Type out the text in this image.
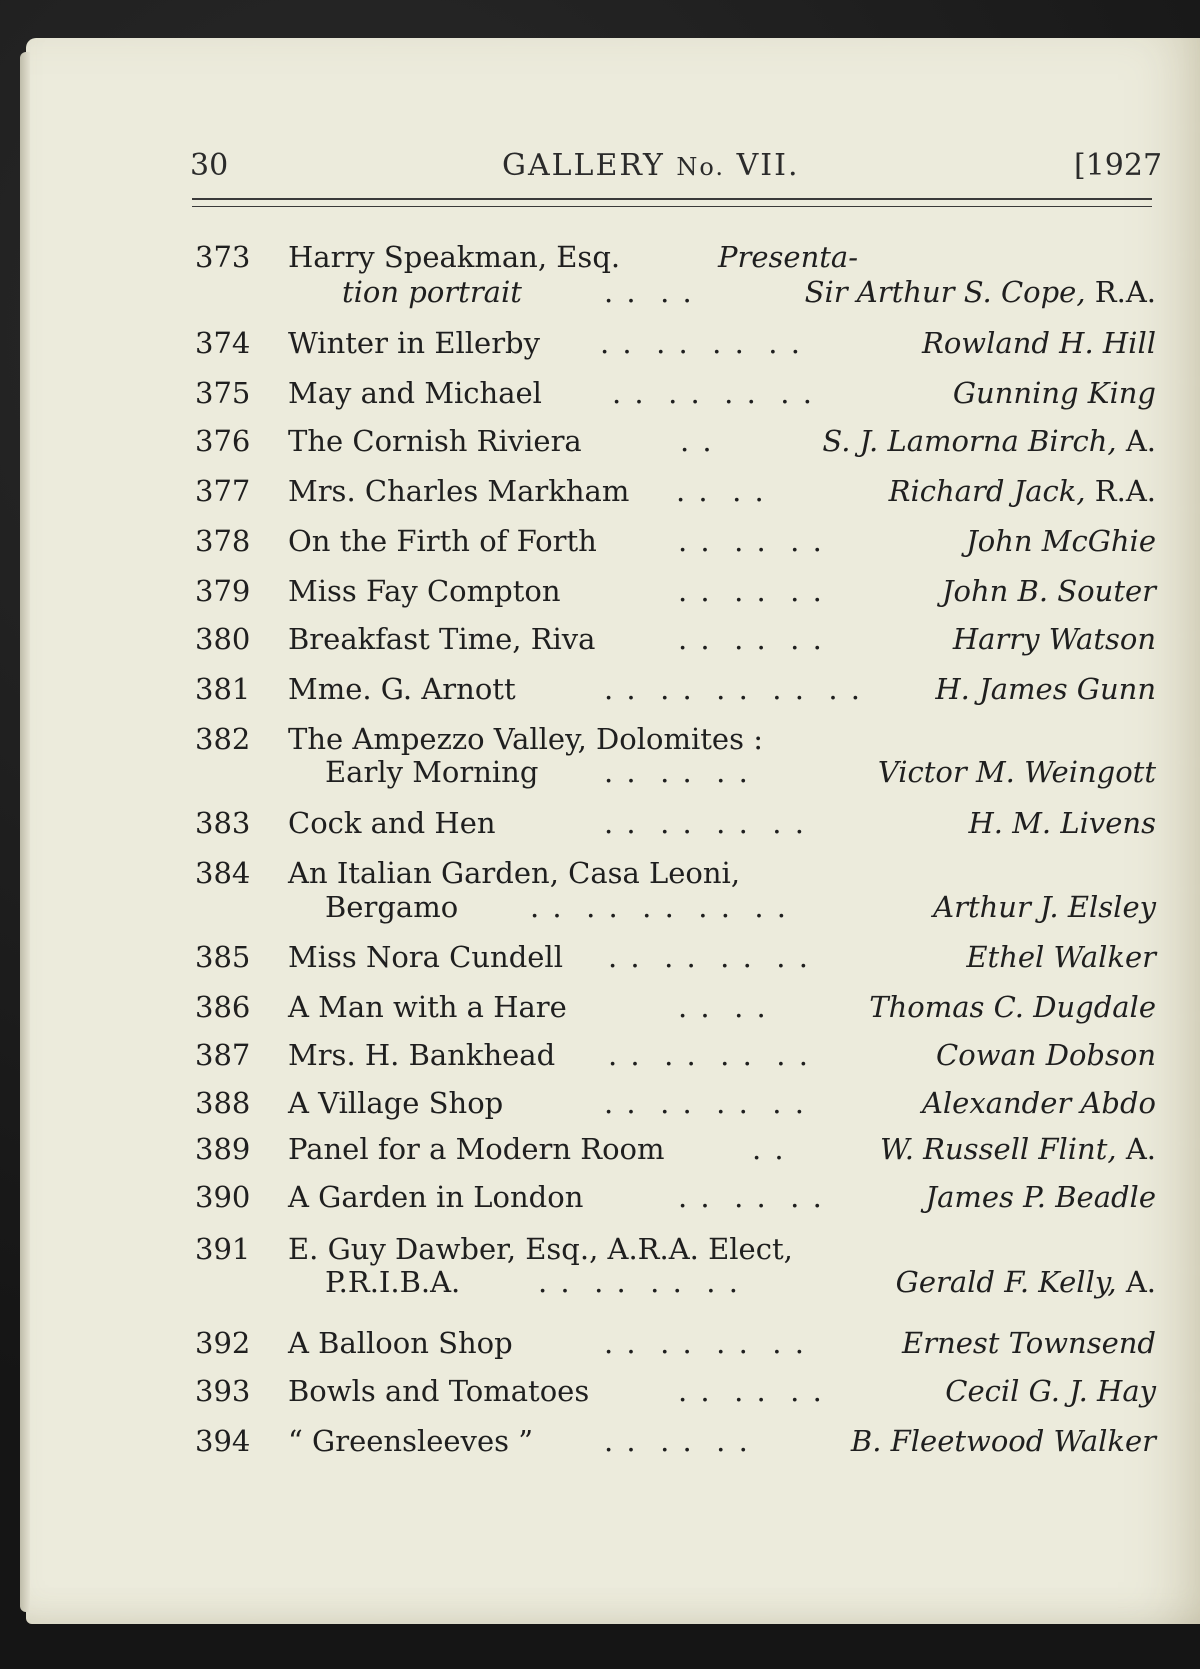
30	GALLERY No. VII.	[1927
373 Harry Speakman, Esq.	Presenta-
tion portrait	. .  . .	Sir Arthur S. Cope, R.A.
374 Winter in Ellerby . .  . .  . .  . .	Rowland H. Hill
375 May and Michael . .  . .  . .  . .	Gunning King
376 The Cornish Riviera	. .	S. J. Lamorna Birch, A.
377 Mrs. Charles Markham . .  . .	Richard Jack, R.A.
378 On the Firth of Forth	. .  . .  . .	John McGhie
379 Miss Fay Compton	. .  . .  . .	John B. Souter
380 Breakfast Time, Riva	. .  . .  . .	Harry Watson
381 Mme. G. Arnott	. .  . .  . .  . .  . .	H. James Gunn
382 The Ampezzo Valley, Dolomites :
Early Morning . .  . .  . .	Victor M. Weingott
383 Cock and Hen	. .  . .  . .  . .	H. M. Livens
384 An Italian Garden, Casa Leoni,
Bergamo . .  . .  . .  . .  . .	Arthur J. Elsley
385 Miss Nora Cundell . .  . .  . .  . .	Ethel Walker
386 A Man with a Hare	. .  . .	Thomas C. Dugdale
387 Mrs. H. Bankhead . .  . .  . .  . .	Cowan Dobson
388 A Village Shop	. .  . .  . .  . .	Alexander Abdo
389 Panel for a Modern Room	. .	W. Russell Flint, A.
390 A Garden in London	. .  . .  . .	James P. Beadle
391 E. Guy Dawber, Esq., A.R.A. Elect,
P.R.I.B.A.	. .  . .  . .  . .	Gerald F. Kelly, A.
392 A Balloon Shop	. .  . .  . .  . .	Ernest Townsend
393 Bowls and Tomatoes	. .  . .  . .	Cecil G. J. Hay
394 “ Greensleeves ” . .  . .  . .	B. Fleetwood Walker
